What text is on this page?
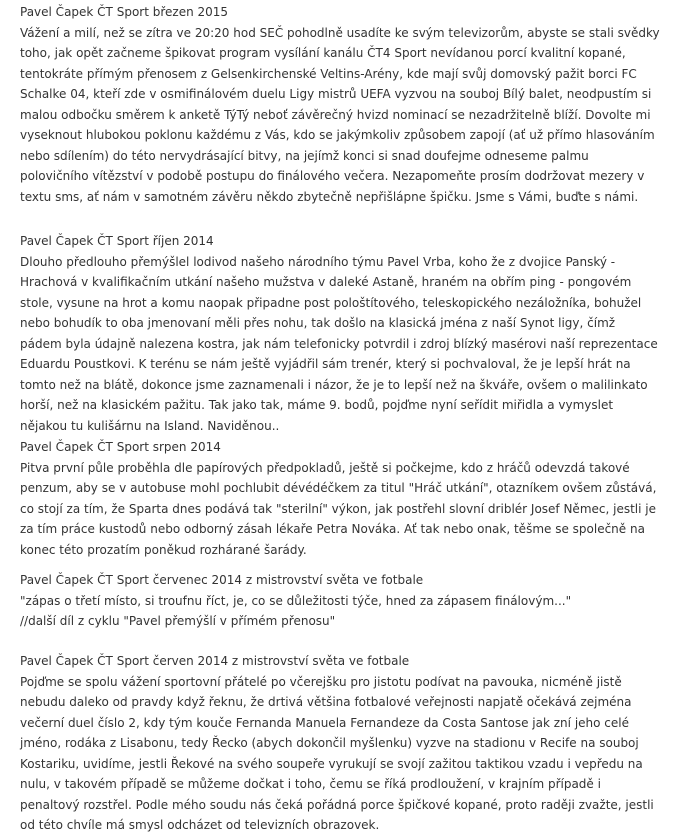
Pavel Čapek ČT Sport březen 2015
Vážení a milí, než se zítra ve 20:20 hod SEČ pohodlně usadíte ke svým televizorům, abyste se stali svědky
toho, jak opět začneme špikovat program vysílání kanálu ČT4 Sport nevídanou porcí kvalitní kopané,
tentokráte přímým přenosem z Gelsenkirchenské Veltins-Arény, kde mají svůj domovský pažit borci FC
Schalke 04, kteří zde v osmifinálovém duelu Ligy mistrů UEFA vyzvou na souboj Bílý balet, neodpustím si
malou odbočku směrem k anketě TýTý neboť závěrečný hvizd nominací se nezadržitelně blíží. Dovolte mi
vyseknout hlubokou poklonu každému z Vás, kdo se jakýmkoliv způsobem zapojí (ať už přímo hlasováním
nebo sdílením) do této nervydrásající bitvy, na jejímž konci si snad doufejme odneseme palmu
polovičního vítězství v podobě postupu do finálového večera. Nezapomeňte prosím dodržovat mezery v
textu sms, ať nám v samotném závěru někdo zbytečně nepřišlápne špičku. Jsme s Vámi, buďte s námi.
Pavel Čapek ČT Sport říjen 2014
Dlouho předlouho přemýšlel lodivod našeho národního týmu Pavel Vrba, koho že z dvojice Panský -
Hrachová v kvalifikačním utkání našeho mužstva v daleké Astaně, hraném na obřím ping - pongovém
stole, vysune na hrot a komu naopak připadne post pološtítového, teleskopického nezáložníka, bohužel
nebo bohudík to oba jmenovaní měli přes nohu, tak došlo na klasická jména z naší Synot ligy, čímž
pádem byla údajně nalezena kostra, jak nám telefonicky potvrdil i zdroj blízký masérovi naší reprezentace
Eduardu Poustkovi. K terénu se nám ještě vyjádřil sám trenér, který si pochvaloval, že je lepší hrát na
tomto než na blátě, dokonce jsme zaznamenali i názor, že je to lepší než na škváře, ovšem o malilinkato
horší, než na klasickém pažitu. Tak jako tak, máme 9. bodů, pojďme nyní seřídit miřidla a vymyslet
nějakou tu kulišárnu na Island. Naviděnou..
Pavel Čapek ČT Sport srpen 2014
Pitva první půle proběhla dle papírových předpokladů, ještě si počkejme, kdo z hráčů odevzdá takové
penzum, aby se v autobuse mohl pochlubit dévédéčkem za titul "Hráč utkání", otazníkem ovšem zůstává,
co stojí za tím, že Sparta dnes podává tak "sterilní" výkon, jak postřehl slovní driblér Josef Němec, jestli je
za tím práce kustodů nebo odborný zásah lékaře Petra Nováka. Ať tak nebo onak, těšme se společně na
konec této prozatím poněkud rozhárané šarády.
Pavel Čapek ČT Sport červenec 2014 z mistrovství světa ve fotbale
"zápas o třetí místo, si troufnu říct, je, co se důležitosti týče, hned za zápasem finálovým..."
//další díl z cyklu "Pavel přemýšlí v přímém přenosu"
Pavel Čapek ČT Sport červen 2014 z mistrovství světa ve fotbale
Pojďme se spolu vážení sportovní přátelé po včerejšku pro jistotu podívat na pavouka, nicméně jistě
nebudu daleko od pravdy když řeknu, že drtivá většina fotbalové veřejnosti napjatě očekává zejména
večerní duel číslo 2, kdy tým kouče Fernanda Manuela Fernandeze da Costa Santose jak zní jeho celé
jméno, rodáka z Lisabonu, tedy Řecko (abych dokončil myšlenku) vyzve na stadionu v Recife na souboj
Kostariku, uvidíme, jestli Řekové na svého soupeře vyrukují se svojí zažitou taktikou vzadu i vepředu na
nulu, v takovém případě se můžeme dočkat i toho, čemu se říká prodloužení, v krajním případě i
penaltový rozstřel. Podle mého soudu nás čeká pořádná porce špičkové kopané, proto raději zvažte, jestli
od této chvíle má smysl odcházet od televizních obrazovek.
